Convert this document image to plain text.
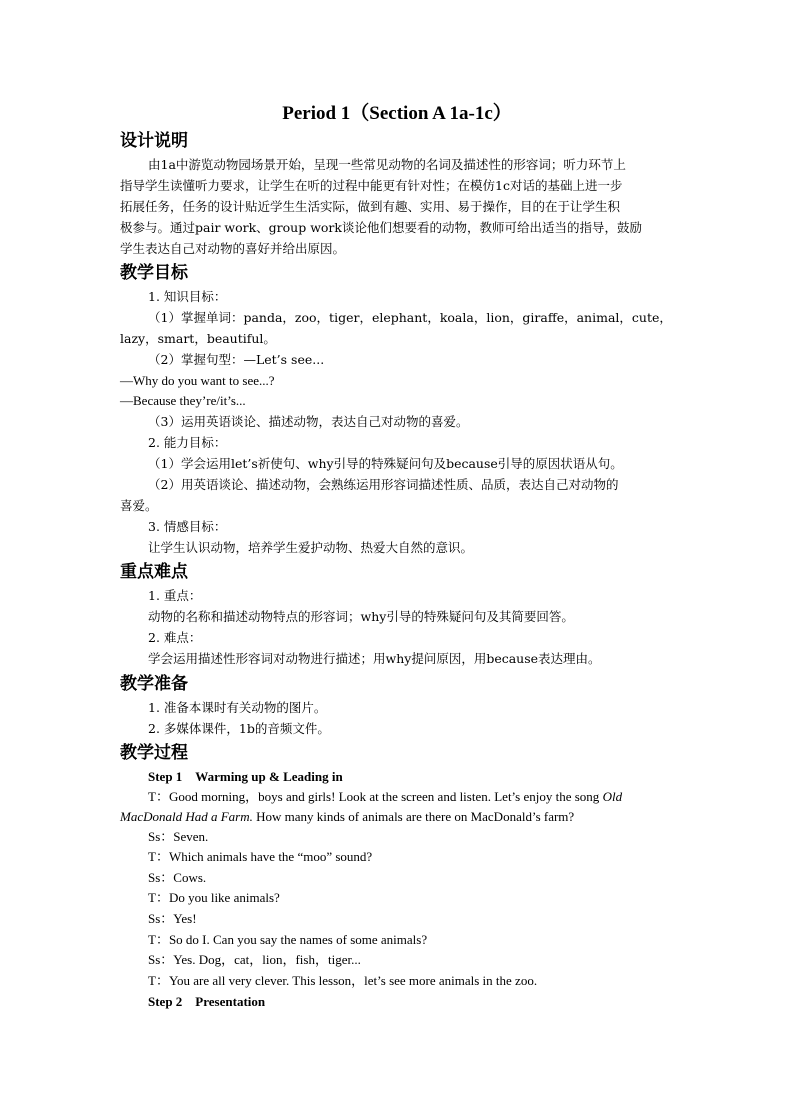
Period 1（Section A 1a-1c）
设计说明
由1a中游览动物园场景开始，呈现一些常见动物的名词及描述性的形容词；听力环节上
指导学生读懂听力要求，让学生在听的过程中能更有针对性；在模仿1c对话的基础上进一步
拓展任务，任务的设计贴近学生生活实际，做到有趣、实用、易于操作，目的在于让学生积
极参与。通过pair work、group work谈论他们想要看的动物，教师可给出适当的指导，鼓励
学生表达自己对动物的喜好并给出原因。
教学目标
1. 知识目标：
（1）掌握单词：panda，zoo，tiger，elephant，koala，lion，giraffe，animal，cute，
lazy，smart，beautiful。
（2）掌握句型：—Let’s see...
—Why do you want to see...?
—Because they’re/it’s...
（3）运用英语谈论、描述动物，表达自己对动物的喜爱。
2. 能力目标：
（1）学会运用let’s祈使句、why引导的特殊疑问句及because引导的原因状语从句。
（2）用英语谈论、描述动物，会熟练运用形容词描述性质、品质，表达自己对动物的
喜爱。
3. 情感目标：
让学生认识动物，培养学生爱护动物、热爱大自然的意识。
重点难点
1. 重点：
动物的名称和描述动物特点的形容词；why引导的特殊疑问句及其简要回答。
2. 难点：
学会运用描述性形容词对动物进行描述；用why提问原因，用because表达理由。
教学准备
1. 准备本课时有关动物的图片。
2. 多媒体课件，1b的音频文件。
教学过程
Step 1　Warming up & Leading in
T：Good morning，boys and girls! Look at the screen and listen. Let’s enjoy the song Old
MacDonald Had a Farm. How many kinds of animals are there on MacDonald’s farm?
Ss：Seven.
T：Which animals have the “moo” sound?
Ss：Cows.
T：Do you like animals?
Ss：Yes!
T：So do I. Can you say the names of some animals?
Ss：Yes. Dog，cat，lion，fish，tiger...
T：You are all very clever. This lesson，let’s see more animals in the zoo.
Step 2　Presentation
